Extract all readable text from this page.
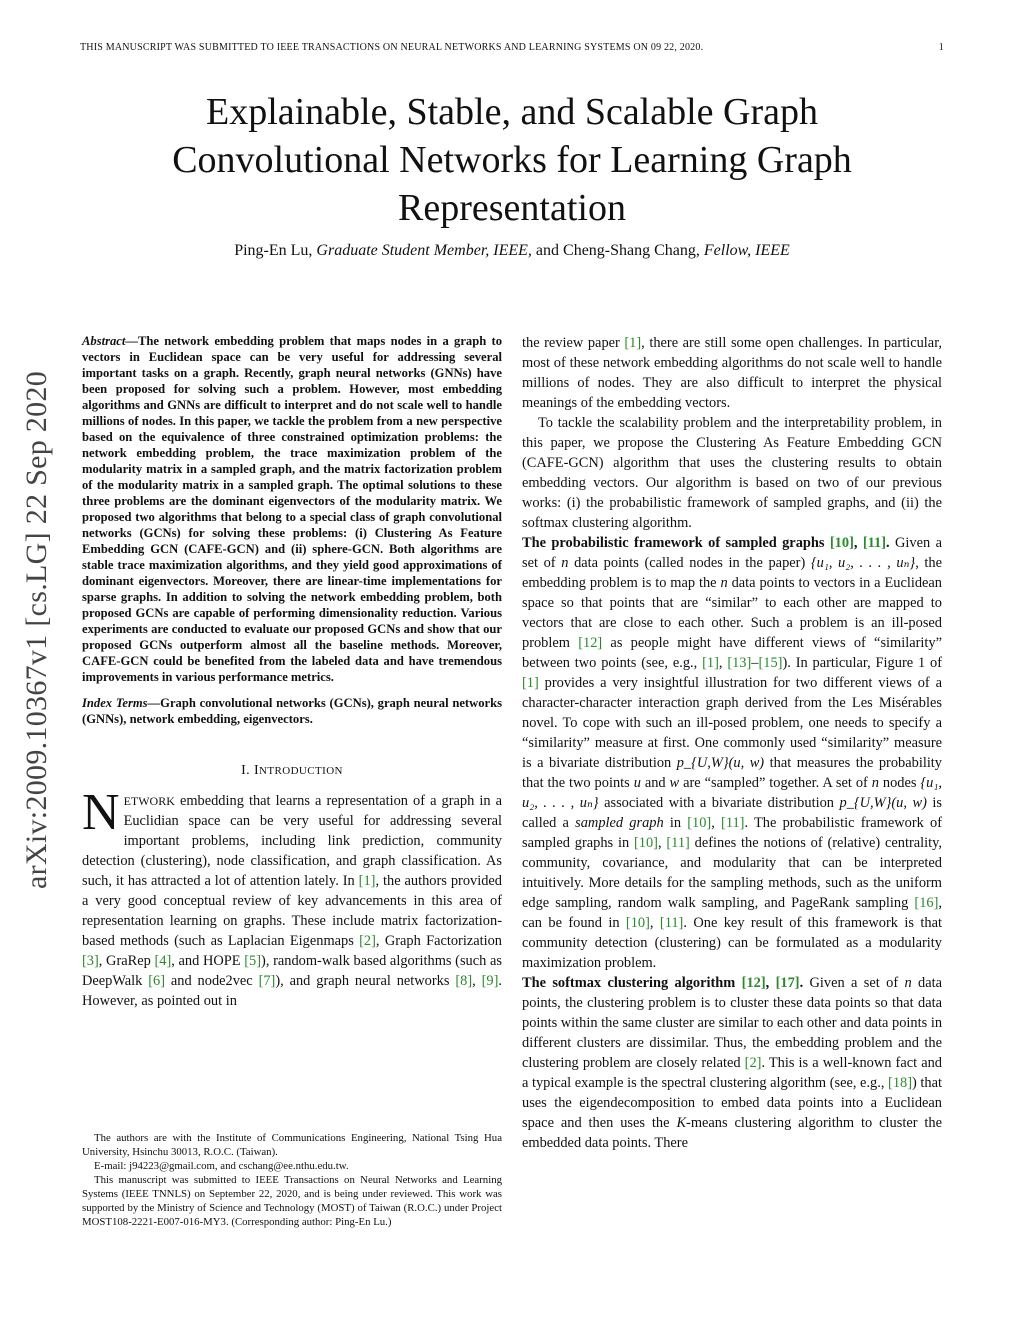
THIS MANUSCRIPT WAS SUBMITTED TO IEEE TRANSACTIONS ON NEURAL NETWORKS AND LEARNING SYSTEMS ON 09 22, 2020.	1
Explainable, Stable, and Scalable Graph
Convolutional Networks for Learning Graph
Representation
Ping-En Lu, Graduate Student Member, IEEE, and Cheng-Shang Chang, Fellow, IEEE
arXiv:2009.10367v1 [cs.LG] 22 Sep 2020

Abstract—The network embedding problem that maps nodes in a graph to vectors in Euclidean space can be very useful for addressing several important tasks on a graph. Recently, graph neural networks (GNNs) have been proposed for solving such a problem. However, most embedding algorithms and GNNs are difficult to interpret and do not scale well to handle millions of nodes. In this paper, we tackle the problem from a new perspective based on the equivalence of three constrained optimization problems: the network embedding problem, the trace maximization problem of the modularity matrix in a sampled graph, and the matrix factorization problem of the modularity matrix in a sampled graph. The optimal solutions to these three problems are the dominant eigenvectors of the modularity matrix. We proposed two algorithms that belong to a special class of graph convolutional networks (GCNs) for solving these problems: (i) Clustering As Feature Embedding GCN (CAFE-GCN) and (ii) sphere-GCN. Both algorithms are stable trace maximization algorithms, and they yield good approximations of dominant eigenvectors. Moreover, there are linear-time implementations for sparse graphs. In addition to solving the network embedding problem, both proposed GCNs are capable of performing dimensionality reduction. Various experiments are conducted to evaluate our proposed GCNs and show that our proposed GCNs outperform almost all the baseline methods. Moreover, CAFE-GCN could be benefited from the labeled data and have tremendous improvements in various performance metrics.

Index Terms—Graph convolutional networks (GCNs), graph neural networks (GNNs), network embedding, eigenvectors.

I. INTRODUCTION

NETWORK embedding that learns a representation of a graph in a Euclidian space can be very useful for addressing several important problems, including link prediction, community detection (clustering), node classification, and graph classification. As such, it has attracted a lot of attention lately. In [1], the authors provided a very good conceptual review of key advancements in this area of representation learning on graphs. These include matrix factorization-based methods (such as Laplacian Eigenmaps [2], Graph Factorization [3], GraRep [4], and HOPE [5]), random-walk based algorithms (such as DeepWalk [6] and node2vec [7]), and graph neural networks [8], [9]. However, as pointed out in

The authors are with the Institute of Communications Engineering, National Tsing Hua University, Hsinchu 30013, R.O.C. (Taiwan).

E-mail: j94223@gmail.com, and cschang@ee.nthu.edu.tw.

This manuscript was submitted to IEEE Transactions on Neural Networks and Learning Systems (IEEE TNNLS) on September 22, 2020, and is being under reviewed. This work was supported by the Ministry of Science and Technology (MOST) of Taiwan (R.O.C.) under Project MOST108-2221-E007-016-MY3. (Corresponding author: Ping-En Lu.)

the review paper [1], there are still some open challenges. In particular, most of these network embedding algorithms do not scale well to handle millions of nodes. They are also difficult to interpret the physical meanings of the embedding vectors.

To tackle the scalability problem and the interpretability problem, in this paper, we propose the Clustering As Feature Embedding GCN (CAFE-GCN) algorithm that uses the clustering results to obtain embedding vectors. Our algorithm is based on two of our previous works: (i) the probabilistic framework of sampled graphs, and (ii) the softmax clustering algorithm.

The probabilistic framework of sampled graphs [10], [11]. Given a set of n data points (called nodes in the paper) {u₁, u₂, . . . , uₙ}, the embedding problem is to map the n data points to vectors in a Euclidean space so that points that are “similar” to each other are mapped to vectors that are close to each other. Such a problem is an ill-posed problem [12] as people might have different views of “similarity” between two points (see, e.g., [1], [13]–[15]). In particular, Figure 1 of [1] provides a very insightful illustration for two different views of a character-character interaction graph derived from the Les Misérables novel. To cope with such an ill-posed problem, one needs to specify a “similarity” measure at first. One commonly used “similarity” measure is a bivariate distribution p_{U,W}(u, w) that measures the probability that the two points u and w are “sampled” together. A set of n nodes {u₁, u₂, . . . , uₙ} associated with a bivariate distribution p_{U,W}(u, w) is called a sampled graph in [10], [11]. The probabilistic framework of sampled graphs in [10], [11] defines the notions of (relative) centrality, community, covariance, and modularity that can be interpreted intuitively. More details for the sampling methods, such as the uniform edge sampling, random walk sampling, and PageRank sampling [16], can be found in [10], [11]. One key result of this framework is that community detection (clustering) can be formulated as a modularity maximization problem.

The softmax clustering algorithm [12], [17]. Given a set of n data points, the clustering problem is to cluster these data points so that data points within the same cluster are similar to each other and data points in different clusters are dissimilar. Thus, the embedding problem and the clustering problem are closely related [2]. This is a well-known fact and a typical example is the spectral clustering algorithm (see, e.g., [18]) that uses the eigendecomposition to embed data points into a Euclidean space and then uses the K-means clustering algorithm to cluster the embedded data points. There
